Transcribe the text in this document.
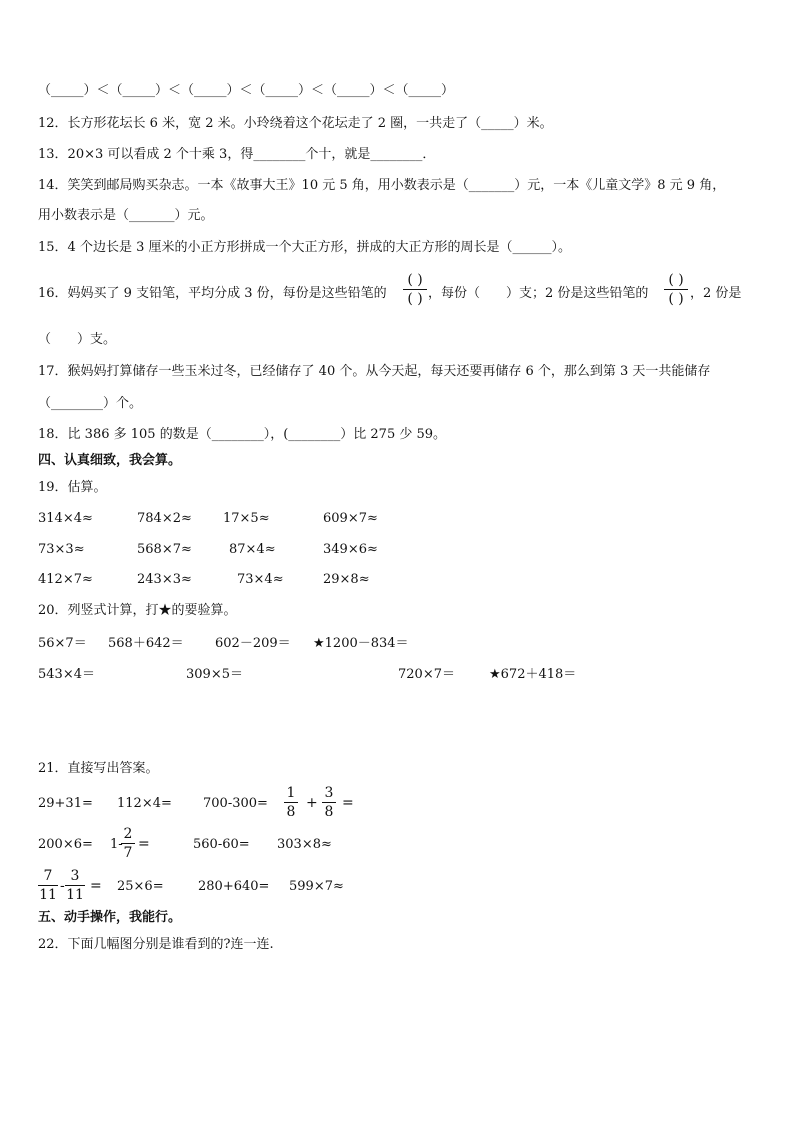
（_____）＜（_____）＜（_____）＜（_____）＜（_____）＜（_____）
12．长方形花坛长 6 米，宽 2 米。小玲绕着这个花坛走了 2 圈，一共走了（_____）米。
13．20×3 可以看成 2 个十乘 3，得________个十，就是________．
14．笑笑到邮局购买杂志。一本《故事大王》10 元 5 角，用小数表示是（_______）元，一本《儿童文学》8 元 9 角，
用小数表示是（_______）元。
15．4 个边长是 3 厘米的小正方形拼成一个大正方形，拼成的大正方形的周长是（______）。
16．妈妈买了 9 支铅笔，平均分成 3 份，每份是这些铅笔的
( )
( ) ，每份（　　）支；2 份是这些铅笔的
( )
( ) ，2 份是
（　　）支。
17．猴妈妈打算储存一些玉米过冬，已经储存了 40 个。从今天起，每天还要再储存 6 个，那么到第 3 天一共能储存
（________）个。
18．比 386 多 105 的数是（________），(________）比 275 少 59。
四、认真细致，我会算。
19．估算。
314×4≈	784×2≈ 17×5≈	609×7≈
73×3≈	568×7≈	87×4≈	349×6≈
412×7≈	243×3≈	73×4≈	29×8≈
20．列竖式计算，打★的要验算。
56×7＝ 568＋642＝ 602－209＝ ★1200－834＝
543×4＝	309×5＝	720×7＝	★672＋418＝
21．直接写出答案。
29+31= 112×4= 700-300=
1
8
+
3
8
=
200×6= 1-
2
7
=	560-60= 303×8≈
7
11
-
3
11
= 25×6=	280+640= 599×7≈
五、动手操作，我能行。
22．下面几幅图分别是谁看到的?连一连.
